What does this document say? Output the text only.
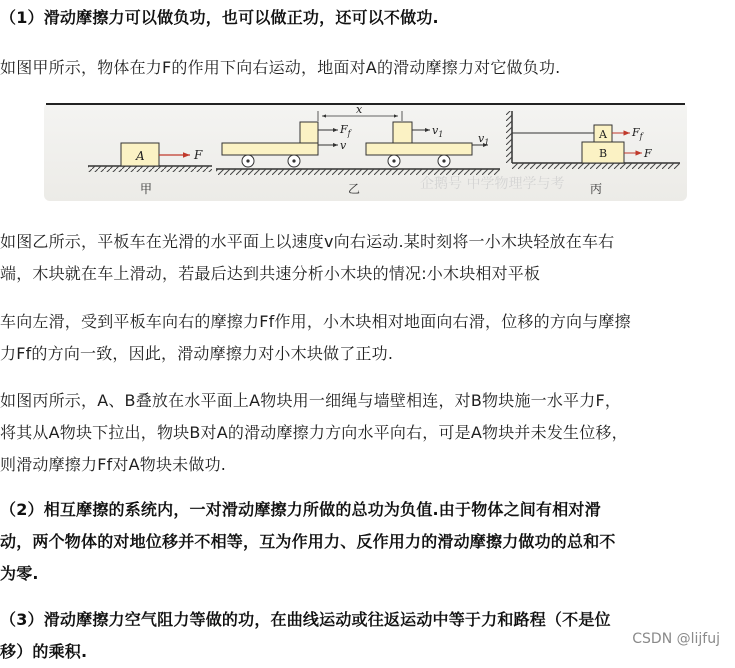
（1）滑动摩擦力可以做负功，也可以做正功，还可以不做功.
如图甲所示，物体在力F的作用下向右运动，地面对A的滑动摩擦力对它做负功.
A	F
甲
$F_f$
v
x
$v_1$	$v_1$
乙
A
B
$F_f$
F
丙
企鹅号 中学物理学与考
如图乙所示，平板车在光滑的水平面上以速度v向右运动.某时刻将一小木块轻放在车右
端，木块就在车上滑动，若最后达到共速分析小木块的情况:小木块相对平板
车向左滑，受到平板车向右的摩擦力Ff作用，小木块相对地面向右滑，位移的方向与摩擦
力Ff的方向一致，因此，滑动摩擦力对小木块做了正功.
如图丙所示，A、B叠放在水平面上A物块用一细绳与墙壁相连，对B物块施一水平力F，
将其从A物块下拉出，物块B对A的滑动摩擦力方向水平向右，可是A物块并未发生位移，
则滑动摩擦力Ff对A物块未做功.
（2）相互摩擦的系统内，一对滑动摩擦力所做的总功为负值.由于物体之间有相对滑
动，两个物体的对地位移并不相等，互为作用力、反作用力的滑动摩擦力做功的总和不
为零.
（3）滑动摩擦力空气阻力等做的功，在曲线运动或往返运动中等于力和路程（不是位
移）的乘积.
CSDN @lijfuj
